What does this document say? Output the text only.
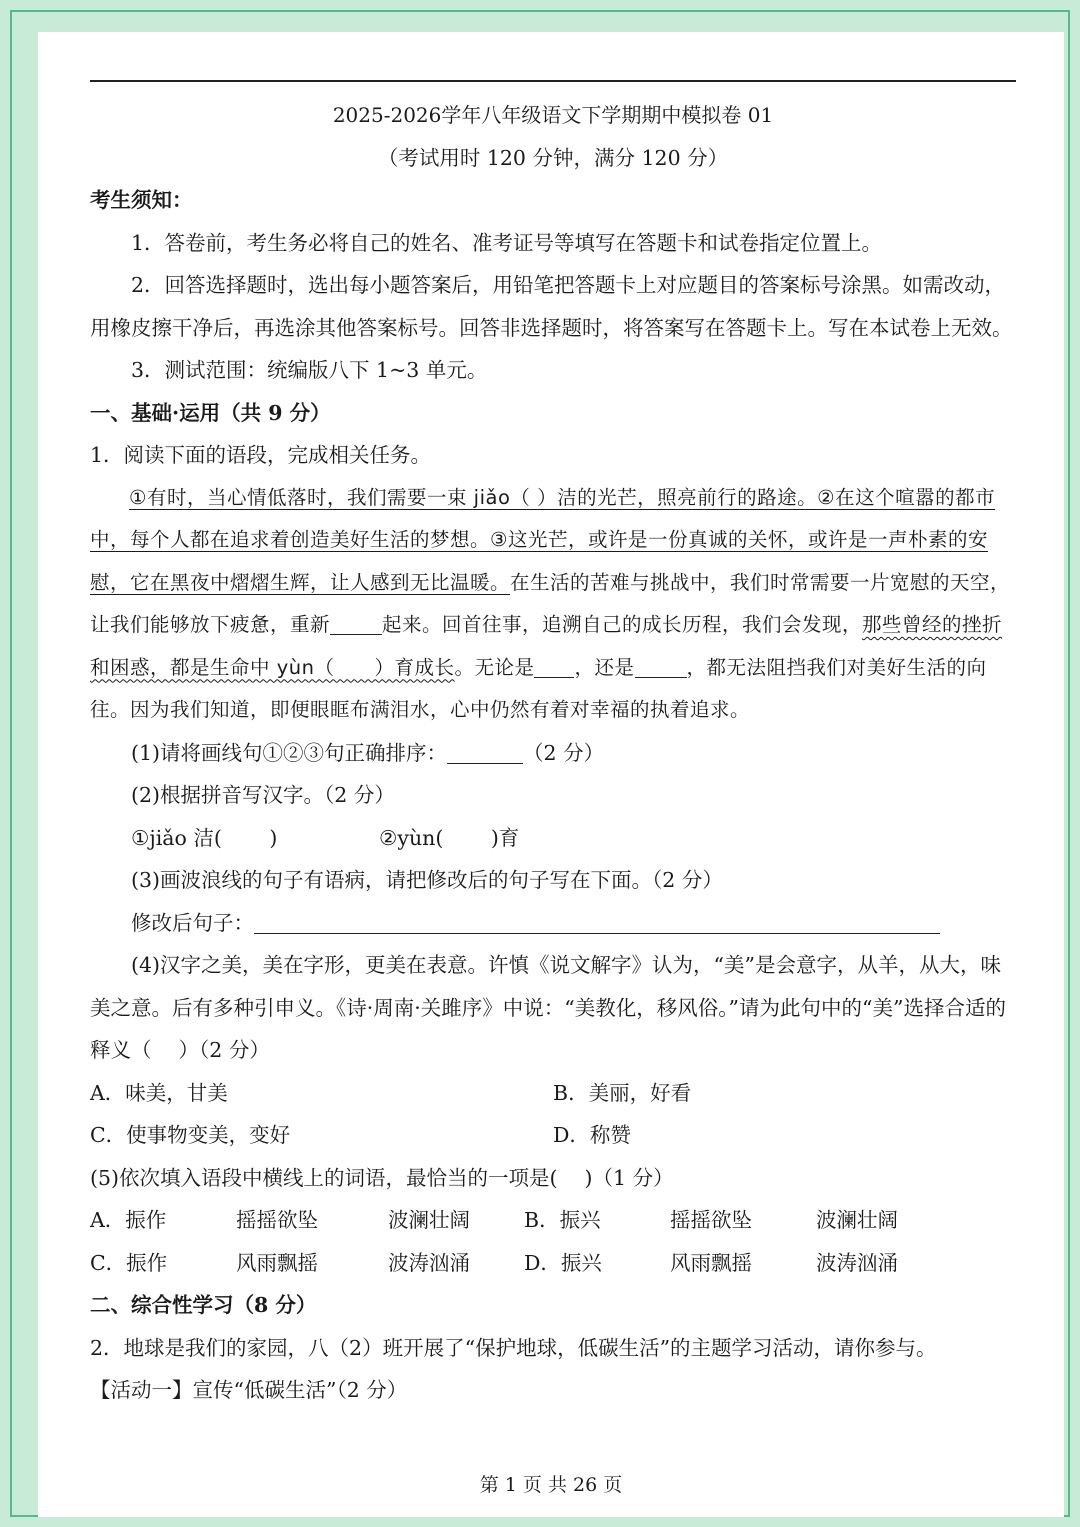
2025-2026学年八年级语文下学期期中模拟卷 01
（考试用时 120 分钟，满分 120 分）
考生须知：
1．答卷前，考生务必将自己的姓名、准考证号等填写在答题卡和试卷指定位置上。
2．回答选择题时，选出每小题答案后，用铅笔把答题卡上对应题目的答案标号涂黑。如需改动，用橡皮擦干净后，再选涂其他答案标号。回答非选择题时，将答案写在答题卡上。写在本试卷上无效。
3．测试范围：统编版八下 1~3 单元。
一、基础·运用（共 9 分）
1．阅读下面的语段，完成相关任务。
①有时，当心情低落时，我们需要一束 jiǎo（ ）洁的光芒，照亮前行的路途。②在这个喧嚣的都市中，每个人都在追求着创造美好生活的梦想。③这光芒，或许是一份真诚的关怀，或许是一声朴素的安慰，它在黑夜中熠熠生辉，让人感到无比温暖。在生活的苦难与挑战中，我们时常需要一片宽慰的天空，让我们能够放下疲惫，重新	起来。回首往事，追溯自己的成长历程，我们会发现，那些曾经的挫折和困惑，都是生命中 yùn（　　）育成长。无论是 ，还是	，都无法阻挡我们对美好生活的向往。因为我们知道，即便眼眶布满泪水，心中仍然有着对幸福的执着追求。
(1)请将画线句①②③句正确排序：	（2 分）
(2)根据拼音写汉字。（2 分）
①jiǎo 洁(　　 )	②yùn(　　 )育
(3)画波浪线的句子有语病，请把修改后的句子写在下面。（2 分）
修改后句子：
(4)汉字之美，美在字形，更美在表意。许慎《说文解字》认为，“美”是会意字，从羊，从大，味美之意。后有多种引申义。《诗·周南·关雎序》中说：“美教化，移风俗。”请为此句中的“美”选择合适的释义（　 ）（2 分）
A．味美，甘美	B．美丽，好看
C．使事物变美，变好	D．称赞
(5)依次填入语段中横线上的词语，最恰当的一项是(　 )（1 分）
A．振作	摇摇欲坠	波澜壮阔	B．振兴	摇摇欲坠	波澜壮阔
C．振作	风雨飘摇	波涛汹涌	D．振兴	风雨飘摇	波涛汹涌
二、综合性学习（8 分）
2．地球是我们的家园，八（2）班开展了“保护地球，低碳生活”的主题学习活动，请你参与。
【活动一】宣传“低碳生活”（2 分）
第 1 页 共 26 页
